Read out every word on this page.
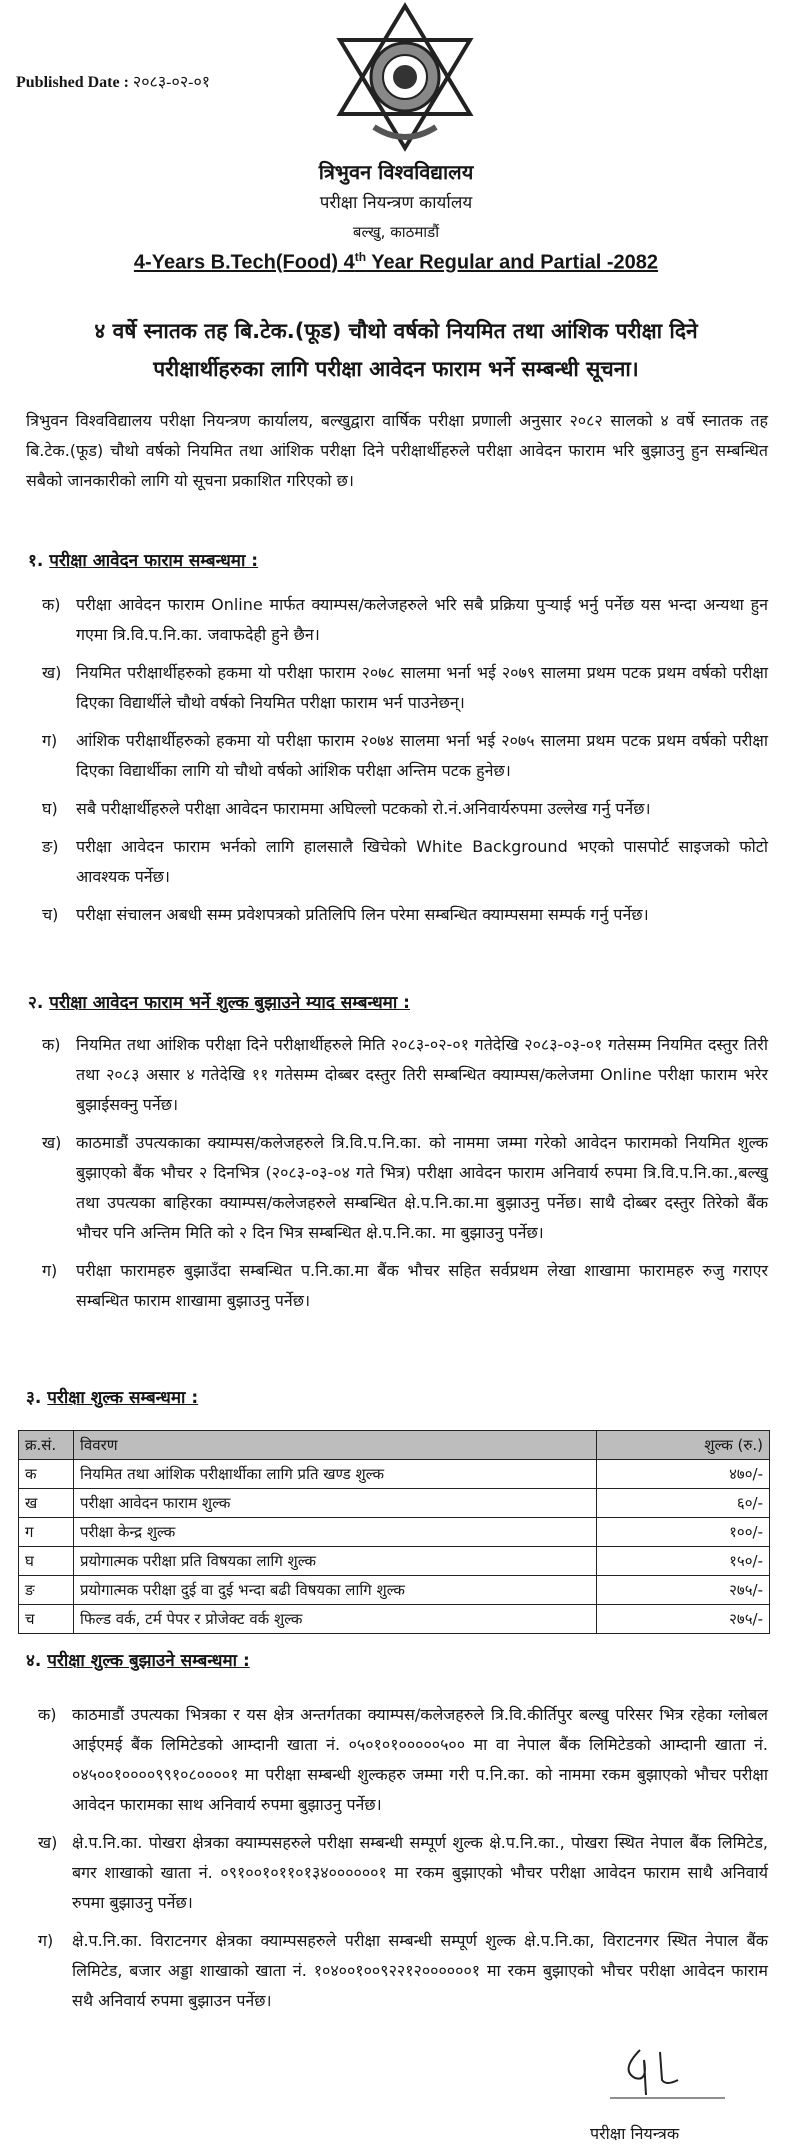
Published Date : २०८३-०२-०१
त्रिभुवन विश्वविद्यालय
परीक्षा नियन्त्रण कार्यालय
बल्खु, काठमाडौं
4-Years B.Tech(Food) 4th Year Regular and Partial -2082
४ वर्षे स्नातक तह बि.टेक.(फूड) चौथो वर्षको नियमित तथा आंशिक परीक्षा दिने परीक्षार्थीहरुका लागि परीक्षा आवेदन फाराम भर्ने सम्बन्धी सूचना।
त्रिभुवन विश्वविद्यालय परीक्षा नियन्त्रण कार्यालय, बल्खुद्वारा वार्षिक परीक्षा प्रणाली अनुसार २०८२ सालको ४ वर्षे स्नातक तह बि.टेक.(फूड) चौथो वर्षको नियमित तथा आंशिक परीक्षा दिने परीक्षार्थीहरुले परीक्षा आवेदन फाराम भरि बुझाउनु हुन सम्बन्धित सबैको जानकारीको लागि यो सूचना प्रकाशित गरिएको छ।
१. परीक्षा आवेदन फाराम सम्बन्धमा :
क) परीक्षा आवेदन फाराम Online मार्फत क्याम्पस/कलेजहरुले भरि सबै प्रक्रिया पुऱ्याई भर्नु पर्नेछ यस भन्दा अन्यथा हुन गएमा त्रि.वि.प.नि.का. जवाफदेही हुने छैन।
ख) नियमित परीक्षार्थीहरुको हकमा यो परीक्षा फाराम २०७८ सालमा भर्ना भई २०७९ सालमा प्रथम पटक प्रथम वर्षको परीक्षा दिएका विद्यार्थीले चौथो वर्षको नियमित परीक्षा फाराम भर्न पाउनेछन्।
ग)	आंशिक परीक्षार्थीहरुको हकमा यो परीक्षा फाराम २०७४ सालमा भर्ना भई २०७५ सालमा प्रथम पटक प्रथम वर्षको परीक्षा दिएका विद्यार्थीका लागि यो चौथो वर्षको आंशिक परीक्षा अन्तिम पटक हुनेछ।
घ)	सबै परीक्षार्थीहरुले परीक्षा आवेदन फाराममा अघिल्लो पटकको रो.नं.अनिवार्यरुपमा उल्लेख गर्नु पर्नेछ।
ङ)	परीक्षा आवेदन फाराम भर्नको लागि हालसालै खिचेको White Background भएको पासपोर्ट साइजको फोटो आवश्यक पर्नेछ।
च)	परीक्षा संचालन अबधी सम्म प्रवेशपत्रको प्रतिलिपि लिन परेमा सम्बन्धित क्याम्पसमा सम्पर्क गर्नु पर्नेछ।
२. परीक्षा आवेदन फाराम भर्ने शुल्क बुझाउने म्याद सम्बन्धमा :
क) नियमित तथा आंशिक परीक्षा दिने परीक्षार्थीहरुले मिति २०८३-०२-०१ गतेदेखि २०८३-०३-०१ गतेसम्म नियमित दस्तुर तिरी तथा २०८३ असार ४ गतेदेखि ११ गतेसम्म दोब्बर दस्तुर तिरी सम्बन्धित क्याम्पस/कलेजमा Online परीक्षा फाराम भरेर बुझाईसक्नु पर्नेछ।
ख) काठमाडौं उपत्यकाका क्याम्पस/कलेजहरुले त्रि.वि.प.नि.का. को नाममा जम्मा गरेको आवेदन फारामको नियमित शुल्क बुझाएको बैंक भौचर २ दिनभित्र (२०८३-०३-०४ गते भित्र) परीक्षा आवेदन फाराम अनिवार्य रुपमा त्रि.वि.प.नि.का.,बल्खु तथा उपत्यका बाहिरका क्याम्पस/कलेजहरुले सम्बन्धित क्षे.प.नि.का.मा बुझाउनु पर्नेछ। साथै दोब्बर दस्तुर तिरेको बैंक भौचर पनि अन्तिम मिति को २ दिन भित्र सम्बन्धित क्षे.प.नि.का. मा बुझाउनु पर्नेछ।
ग)	परीक्षा फारामहरु बुझाउँदा सम्बन्धित प.नि.का.मा बैंक भौचर सहित सर्वप्रथम लेखा शाखामा फारामहरु रुजु गराएर सम्बन्धित फाराम शाखामा बुझाउनु पर्नेछ।
३. परीक्षा शुल्क सम्बन्धमा :
क्र.सं.	विवरण	शुल्क (रु.)
क	नियमित तथा आंशिक परीक्षार्थीका लागि प्रति खण्ड शुल्क	४७०/-
ख	परीक्षा आवेदन फाराम शुल्क	६०/-
ग	परीक्षा केन्द्र शुल्क	१००/-
घ	प्रयोगात्मक परीक्षा प्रति विषयका लागि शुल्क	१५०/-
ङ	प्रयोगात्मक परीक्षा दुई वा दुई भन्दा बढी विषयका लागि शुल्क	२७५/-
च	फिल्ड वर्क, टर्म पेपर र प्रोजेक्ट वर्क शुल्क	२७५/-
४. परीक्षा शुल्क बुझाउने सम्बन्धमा :
क) काठमाडौं उपत्यका भित्रका र यस क्षेत्र अन्तर्गतका क्याम्पस/कलेजहरुले त्रि.वि.कीर्तिपुर बल्खु परिसर भित्र रहेका ग्लोबल आईएमई बैंक लिमिटेडको आम्दानी खाता नं. ०५०१०१०००००५०० मा वा नेपाल बैंक लिमिटेडको आम्दानी खाता नं. ०४५००१००००९९१०८००००१ मा परीक्षा सम्बन्धी शुल्कहरु जम्मा गरी प.नि.का. को नाममा रकम बुझाएको भौचर परीक्षा आवेदन फारामका साथ अनिवार्य रुपमा बुझाउनु पर्नेछ।
ख) क्षे.प.नि.का. पोखरा क्षेत्रका क्याम्पसहरुले परीक्षा सम्बन्धी सम्पूर्ण शुल्क क्षे.प.नि.का., पोखरा स्थित नेपाल बैंक लिमिटेड, बगर शाखाको खाता नं. ०९१००१०११०१३४००००००१ मा रकम बुझाएको भौचर परीक्षा आवेदन फाराम साथै अनिवार्य रुपमा बुझाउनु पर्नेछ।
ग)	क्षे.प.नि.का. विराटनगर क्षेत्रका क्याम्पसहरुले परीक्षा सम्बन्धी सम्पूर्ण शुल्क क्षे.प.नि.का, विराटनगर स्थित नेपाल बैंक लिमिटेड, बजार अड्डा शाखाको खाता नं. १०४००१००९२२१२००००००१ मा रकम बुझाएको भौचर परीक्षा आवेदन फाराम सथै अनिवार्य रुपमा बुझाउन पर्नेछ।
परीक्षा नियन्त्रक
